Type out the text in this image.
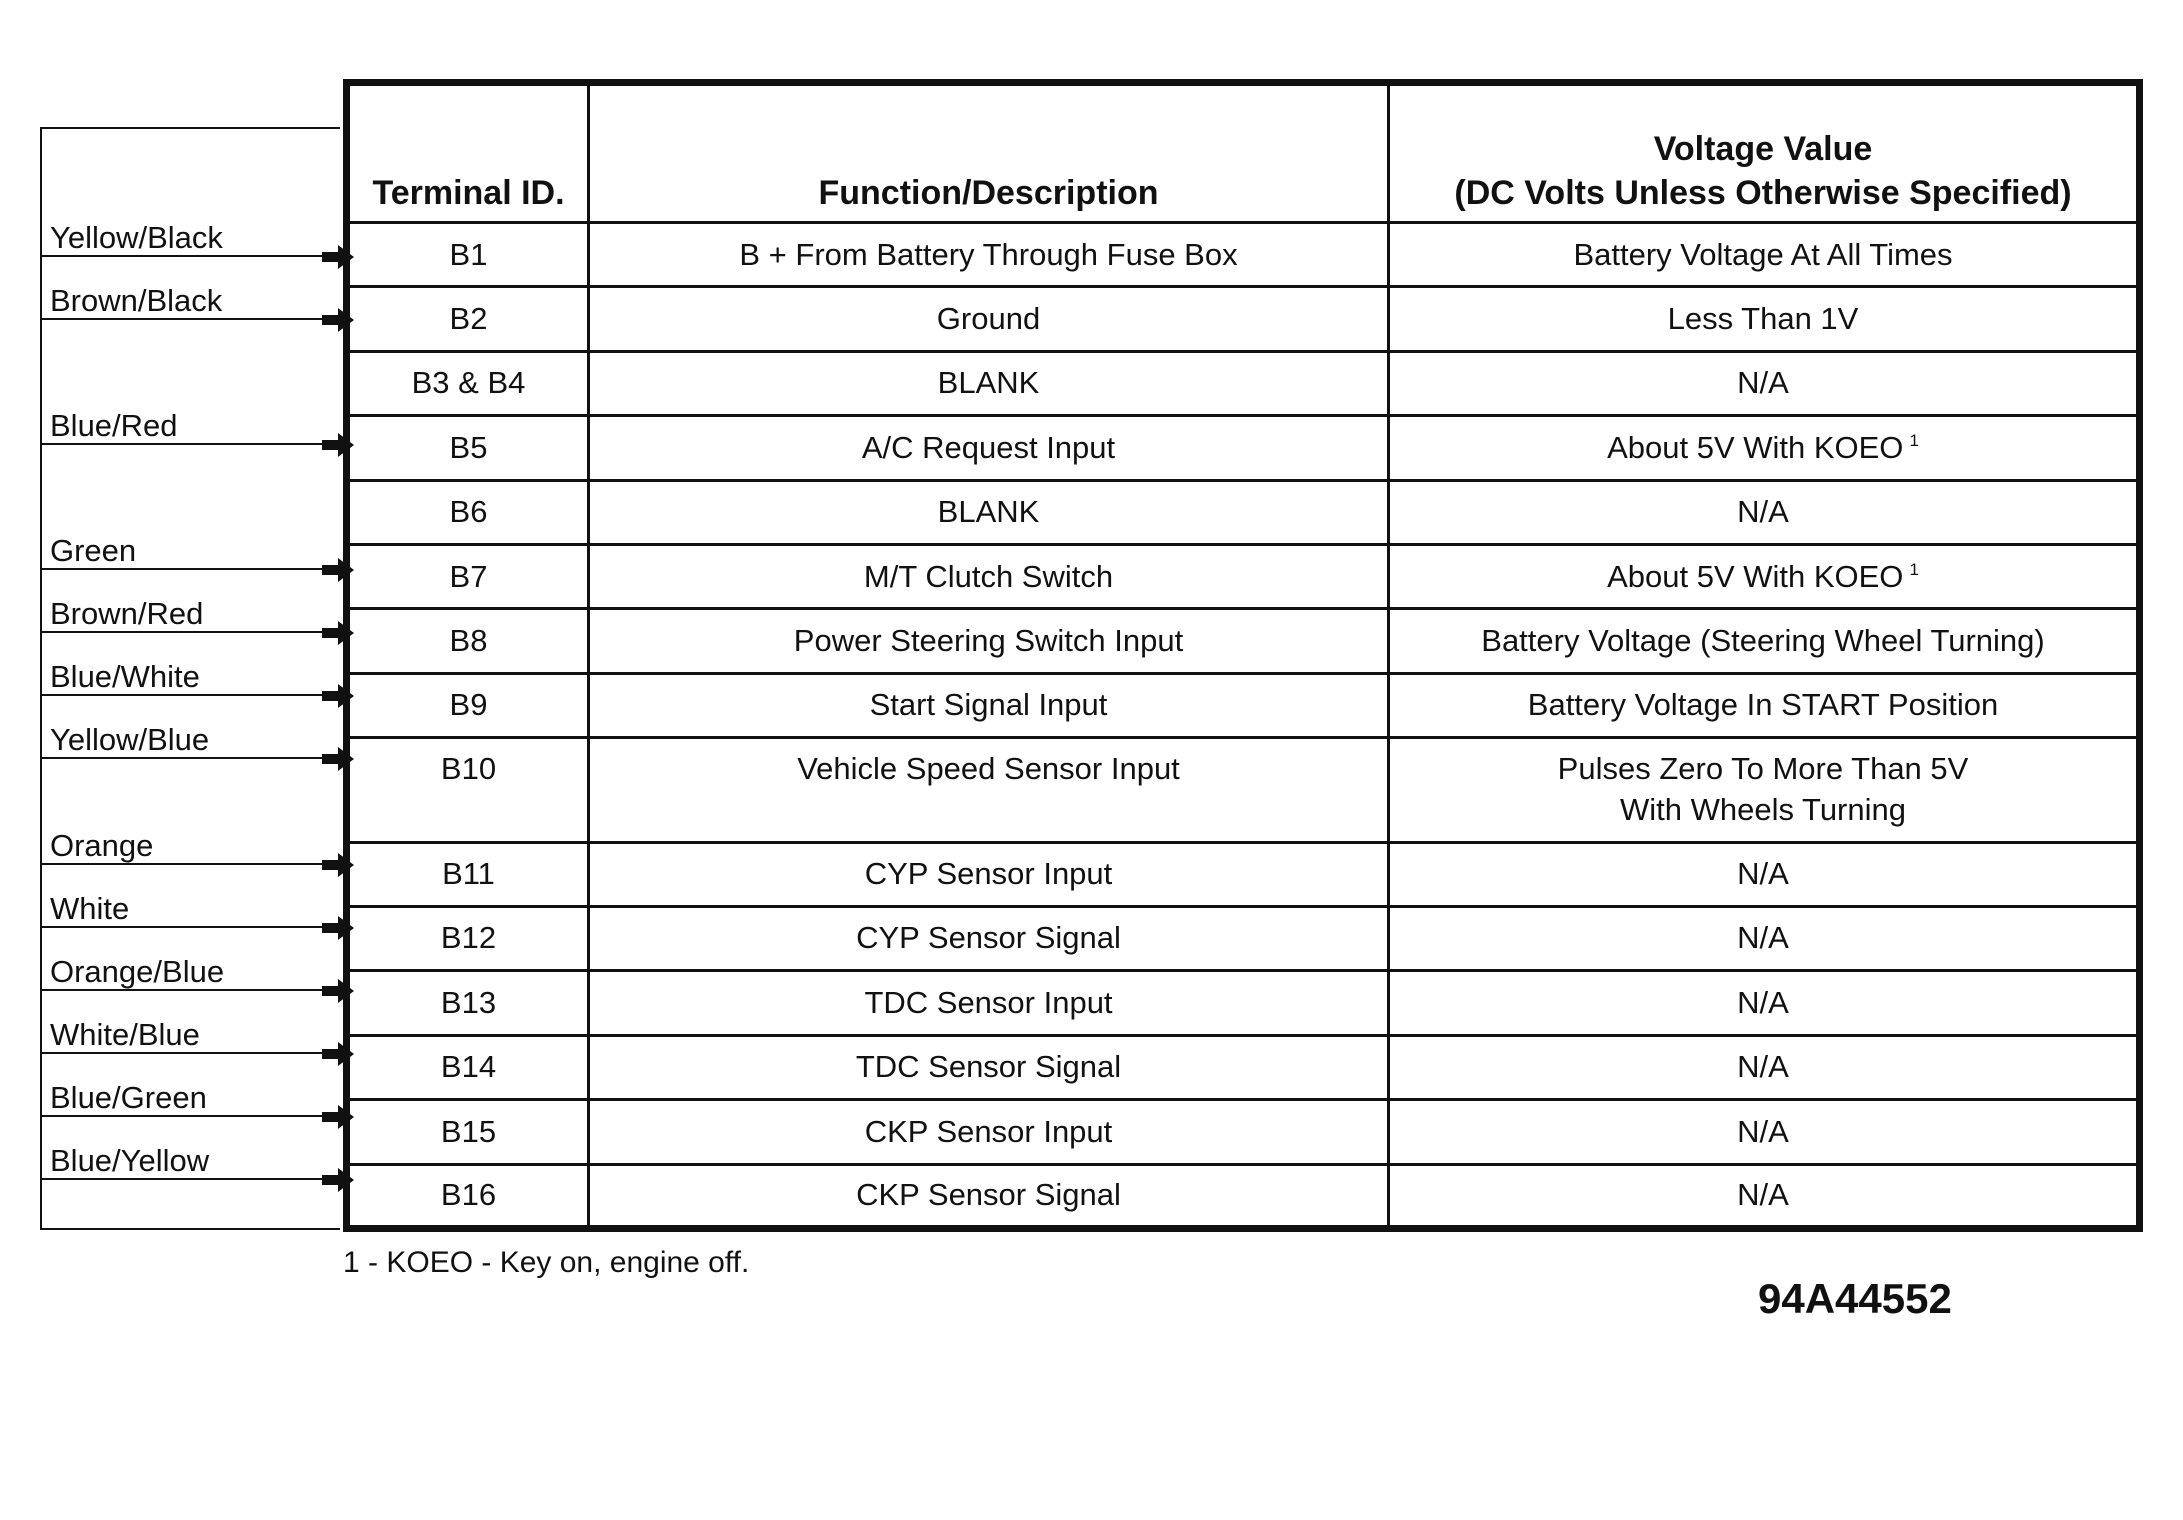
Yellow/Black
Brown/Black
Blue/Red
Green
Brown/Red
Blue/White
Yellow/Blue
Orange
White
Orange/Blue
White/Blue
Blue/Green
Blue/Yellow
Terminal ID.	Function/Description	Voltage Value
(DC Volts Unless Otherwise Specified)

B1	B + From Battery Through Fuse Box	Battery Voltage At All Times
B2	Ground	Less Than 1V
B3 & B4	BLANK	N/A
B5	A/C Request Input	About 5V With KOEO $^1$
B6	BLANK	N/A
B7	M/T Clutch Switch	About 5V With KOEO $^1$
B8	Power Steering Switch Input	Battery Voltage (Steering Wheel Turning)
B9	Start Signal Input	Battery Voltage In START Position
B10	Vehicle Speed Sensor Input	Pulses Zero To More Than 5V
With Wheels Turning
B11	CYP Sensor Input	N/A
B12	CYP Sensor Signal	N/A
B13	TDC Sensor Input	N/A
B14	TDC Sensor Signal	N/A
B15	CKP Sensor Input	N/A
B16	CKP Sensor Signal	N/A
1 - KOEO - Key on, engine off.
94A44552
